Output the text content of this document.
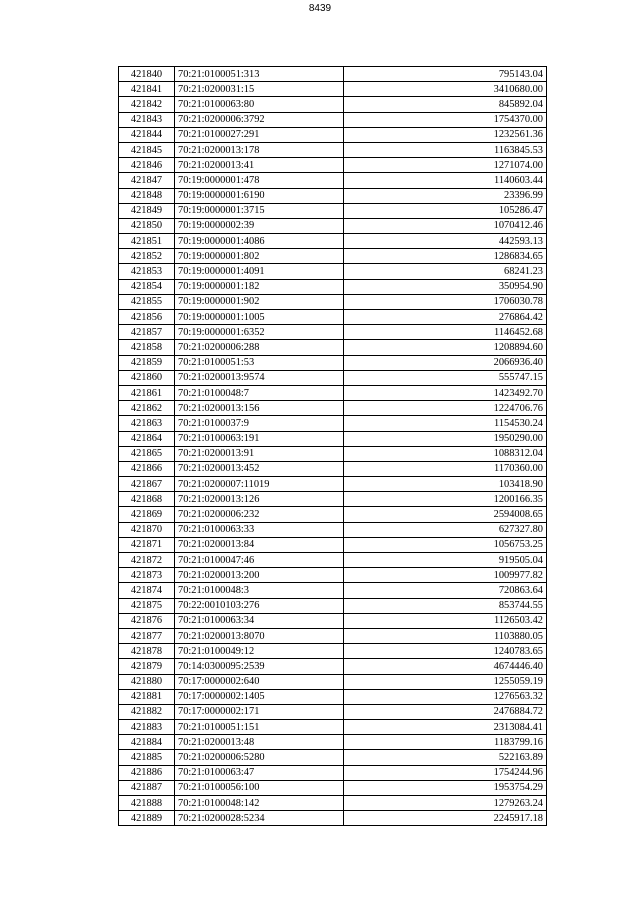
8439
421840	70:21:0100051:313	795143.04
421841	70:21:0200031:15	3410680.00
421842	70:21:0100063:80	845892.04
421843	70:21:0200006:3792	1754370.00
421844	70:21:0100027:291	1232561.36
421845	70:21:0200013:178	1163845.53
421846	70:21:0200013:41	1271074.00
421847	70:19:0000001:478	1140603.44
421848	70:19:0000001:6190	23396.99
421849	70:19:0000001:3715	105286.47
421850	70:19:0000002:39	1070412.46
421851	70:19:0000001:4086	442593.13
421852	70:19:0000001:802	1286834.65
421853	70:19:0000001:4091	68241.23
421854	70:19:0000001:182	350954.90
421855	70:19:0000001:902	1706030.78
421856	70:19:0000001:1005	276864.42
421857	70:19:0000001:6352	1146452.68
421858	70:21:0200006:288	1208894.60
421859	70:21:0100051:53	2066936.40
421860	70:21:0200013:9574	555747.15
421861	70:21:0100048:7	1423492.70
421862	70:21:0200013:156	1224706.76
421863	70:21:0100037:9	1154530.24
421864	70:21:0100063:191	1950290.00
421865	70:21:0200013:91	1088312.04
421866	70:21:0200013:452	1170360.00
421867	70:21:0200007:11019	103418.90
421868	70:21:0200013:126	1200166.35
421869	70:21:0200006:232	2594008.65
421870	70:21:0100063:33	627327.80
421871	70:21:0200013:84	1056753.25
421872	70:21:0100047:46	919505.04
421873	70:21:0200013:200	1009977.82
421874	70:21:0100048:3	720863.64
421875	70:22:0010103:276	853744.55
421876	70:21:0100063:34	1126503.42
421877	70:21:0200013:8070	1103880.05
421878	70:21:0100049:12	1240783.65
421879	70:14:0300095:2539	4674446.40
421880	70:17:0000002:640	1255059.19
421881	70:17:0000002:1405	1276563.32
421882	70:17:0000002:171	2476884.72
421883	70:21:0100051:151	2313084.41
421884	70:21:0200013:48	1183799.16
421885	70:21:0200006:5280	522163.89
421886	70:21:0100063:47	1754244.96
421887	70:21:0100056:100	1953754.29
421888	70:21:0100048:142	1279263.24
421889	70:21:0200028:5234	2245917.18
